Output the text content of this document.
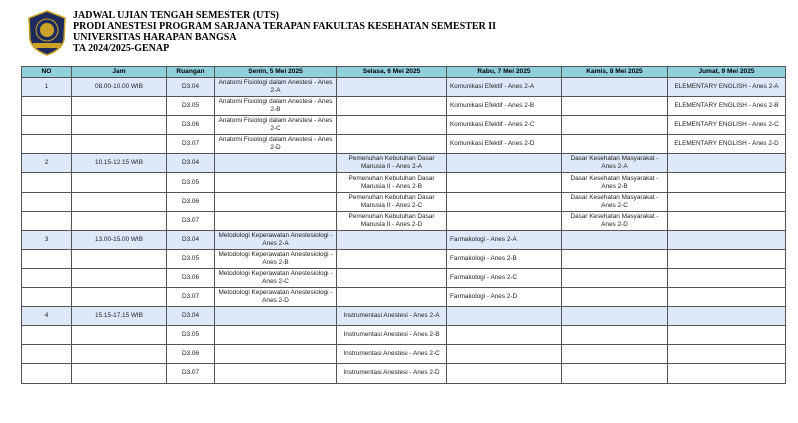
JADWAL UJIAN TENGAH SEMESTER (UTS)
PRODI ANESTESI PROGRAM SARJANA TERAPAN FAKULTAS KESEHATAN SEMESTER II
UNIVERSITAS HARAPAN BANGSA
TA 2024/2025-GENAP
NO	Jam	Ruangan	Senin, 5 Mei 2025	Selasa, 6 Mei 2025	Rabu, 7 Mei 2025	Kamis, 8 Mei 2025	Jumat, 9 Mei 2025
1	08.00-10.00 WIB	D3.04	Anatomi Fisiologi dalam Anestesi - Anes 2-A		Komunikasi Efektif - Anes 2-A		ELEMENTARY ENGLISH - Anes 2-A
		D3.05	Anatomi Fisiologi dalam Anestesi - Anes 2-B		Komunikasi Efektif - Anes 2-B		ELEMENTARY ENGLISH - Anes 2-B
		D3.06	Anatomi Fisiologi dalam Anestesi - Anes 2-C		Komunikasi Efektif - Anes 2-C		ELEMENTARY ENGLISH - Anes 2-C
		D3.07	Anatomi Fisiologi dalam Anestesi - Anes 2-D		Komunikasi Efektif - Anes 2-D		ELEMENTARY ENGLISH - Anes 2-D
2	10.15-12.15 WIB	D3.04		Pemenuhan Kebutuhan Dasar Manusia II - Anes 2-A		Dasar Kesehatan Masyarakat - Anes 2-A	
		D3.05		Pemenuhan Kebutuhan Dasar Manusia II - Anes 2-B		Dasar Kesehatan Masyarakat - Anes 2-B	
		D3.06		Pemenuhan Kebutuhan Dasar Manusia II - Anes 2-C		Dasar Kesehatan Masyarakat - Anes 2-C	
		D3.07		Pemenuhan Kebutuhan Dasar Manusia II - Anes 2-D		Dasar Kesehatan Masyarakat - Anes 2-D	
3	13.00-15.00 WIB	D3.04	Metodologi Keperawatan Anestesiologi - Anes 2-A		Farmakologi - Anes 2-A		
		D3.05	Metodologi Keperawatan Anestesiologi - Anes 2-B		Farmakologi - Anes 2-B		
		D3.06	Metodologi Keperawatan Anestesiologi - Anes 2-C		Farmakologi - Anes 2-C		
		D3.07	Metodologi Keperawatan Anestesiologi - Anes 2-D		Farmakologi - Anes 2-D		
4	15.15-17.15 WIB	D3.04		Instrumentasi Anestesi - Anes 2-A			
		D3.05		Instrumentasi Anestesi - Anes 2-B			
		D3.06		Instrumentasi Anestesi - Anes 2-C			
		D3.07		Instrumentasi Anestesi - Anes 2-D			
